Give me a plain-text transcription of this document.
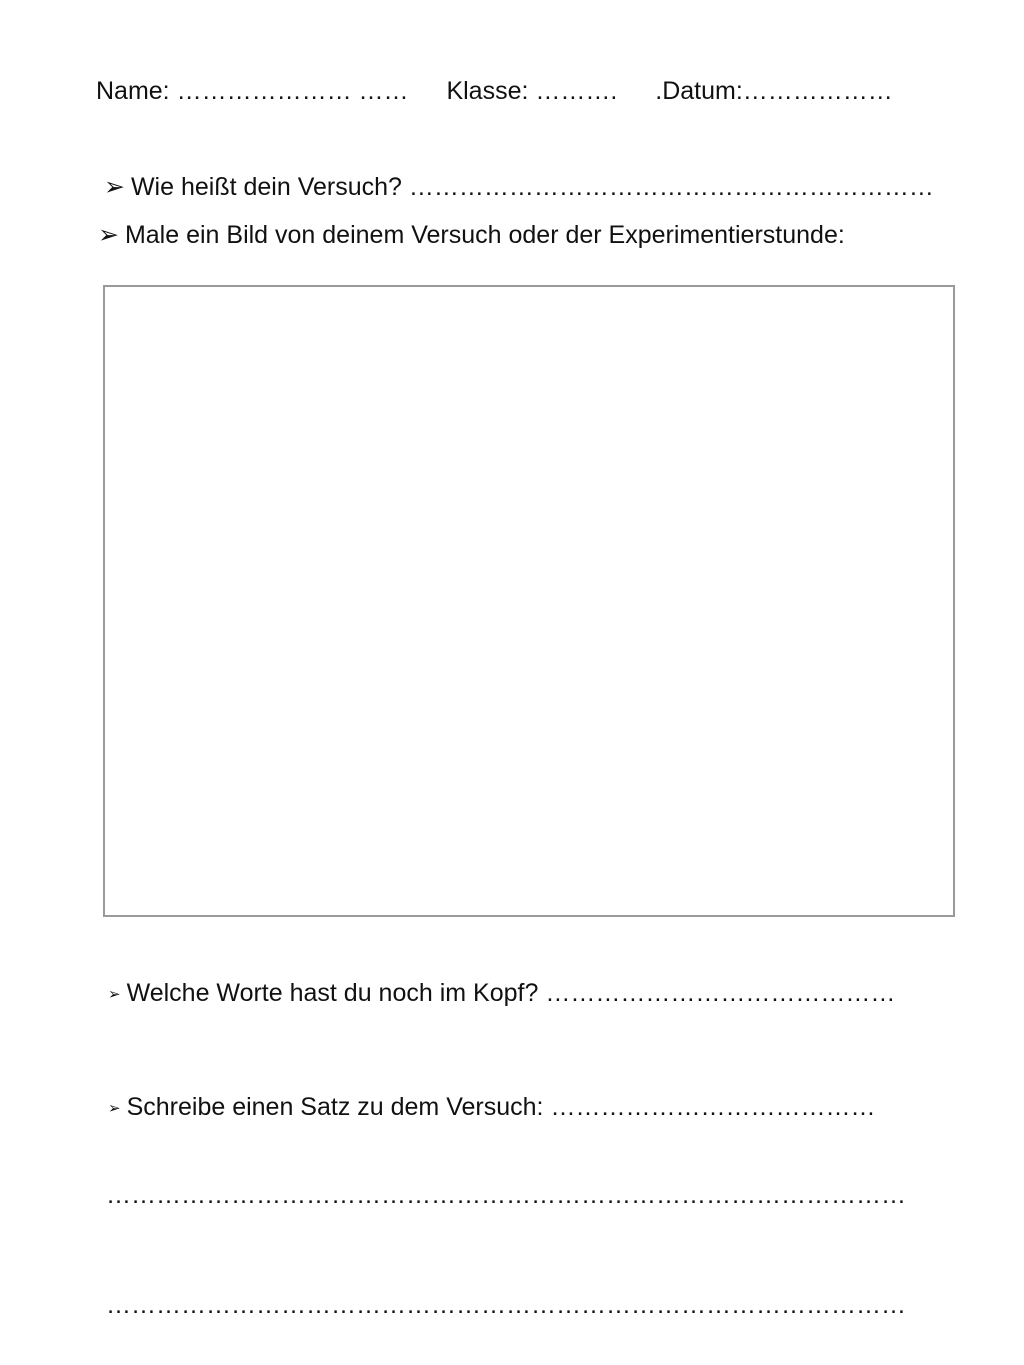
Name: ………………… …… Klasse: ………. .Datum:………………
➢ Wie heißt dein Versuch? ………………………………………………………
➢ Male ein Bild von deinem Versuch oder der Experimentierstunde:
➢ Welche Worte hast du noch im Kopf? ……………………………………
➢ Schreibe einen Satz zu dem Versuch: …………………………………
……………………………………………………………………………………
……………………………………………………………………………………
